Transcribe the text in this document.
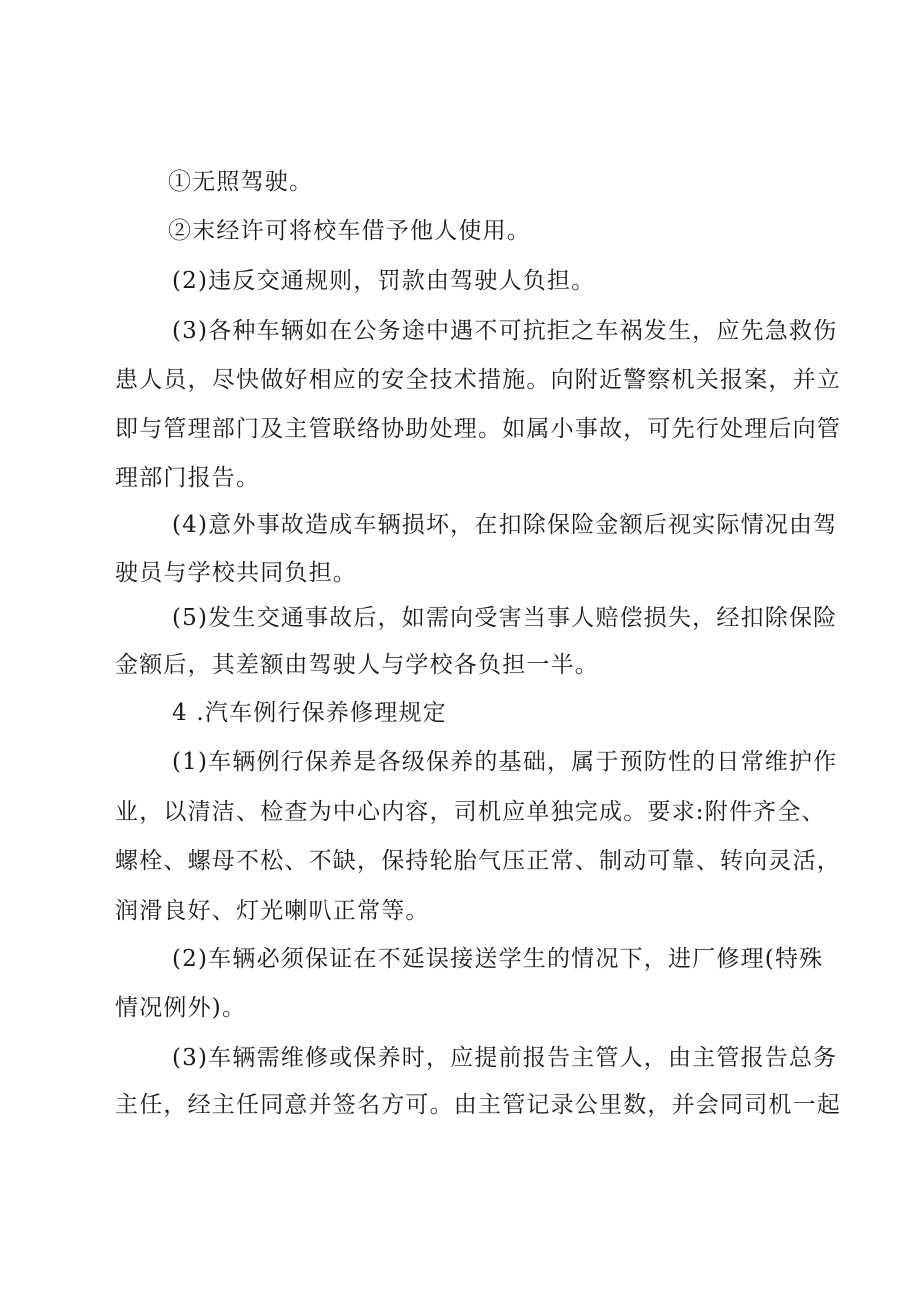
①无照驾驶。
②末经许可将校车借予他人使用。
(2)违反交通规则，罚款由驾驶人负担。
(3)各种车辆如在公务途中遇不可抗拒之车祸发生，应先急救伤
患人员，尽快做好相应的安全技术措施。向附近警察机关报案，并立
即与管理部门及主管联络协助处理。如属小事故，可先行处理后向管
理部门报告。
(4)意外事故造成车辆损坏，在扣除保险金额后视实际情况由驾
驶员与学校共同负担。
(5)发生交通事故后，如需向受害当事人赔偿损失，经扣除保险
金额后，其差额由驾驶人与学校各负担一半。
4 .汽车例行保养修理规定
(1)车辆例行保养是各级保养的基础，属于预防性的日常维护作
业，以清洁、检查为中心内容，司机应单独完成。要求:附件齐全、
螺栓、螺母不松、不缺，保持轮胎气压正常、制动可靠、转向灵活，
润滑良好、灯光喇叭正常等。
(2)车辆必须保证在不延误接送学生的情况下，进厂修理(特殊
情况例外)。
(3)车辆需维修或保养时，应提前报告主管人，由主管报告总务
主任，经主任同意并签名方可。由主管记录公里数，并会同司机一起
